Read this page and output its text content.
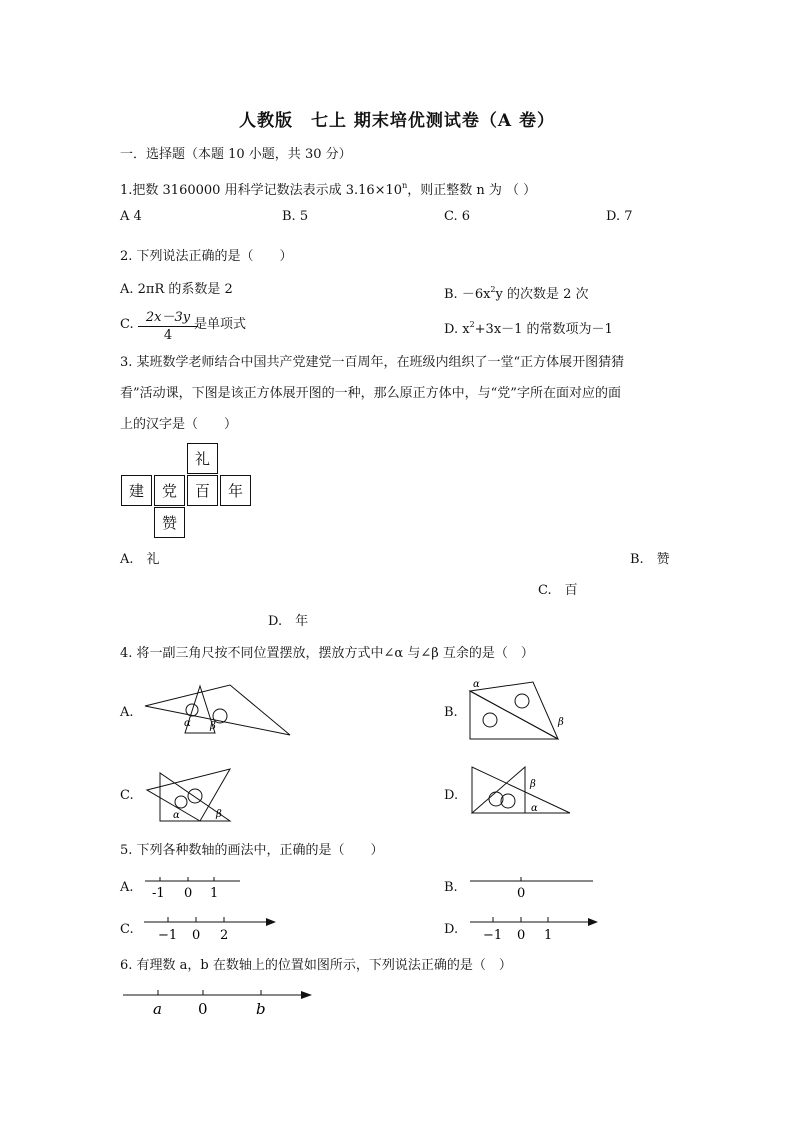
人教版　七上 期末培优测试卷（A 卷）
一．选择题（本题 10 小题，共 30 分）
1.把数 3160000 用科学记数法表示成 $3.16\times 10^n$，则正整数 n 为 （ ）
A 4	B. 5	C. 6	D. 7
2. 下列说法正确的是（　　）
A. 2πR 的系数是 2	B. $-6x^2y$ 的次数是 2 次
C. $\frac{2x-3y}{4}$
是单项式	D. $x^2+3x-1$ 的常数项为－1
3. 某班数学老师结合中国共产党建党一百周年，在班级内组织了一堂“正方体展开图猜猜
看”活动课，下图是该正方体展开图的一种，那么原正方体中，与“党”字所在面对应的面
上的汉字是（　　）
礼
建	党	百	年
赞
A.　礼	B.　赞
C.　百
D.　年
4. 将一副三角尺按不同位置摆放，摆放方式中∠α 与∠β 互余的是（　）
A.
α β
B.
α
β
C.
α	β
D.
β
α
5. 下列各种数轴的画法中，正确的是（　　）
A. -1 0 1	B.	0
C. −1 0 2	D. −1 0 1
6. 有理数 a，b 在数轴上的位置如图所示，下列说法正确的是（　）
a 0	b
